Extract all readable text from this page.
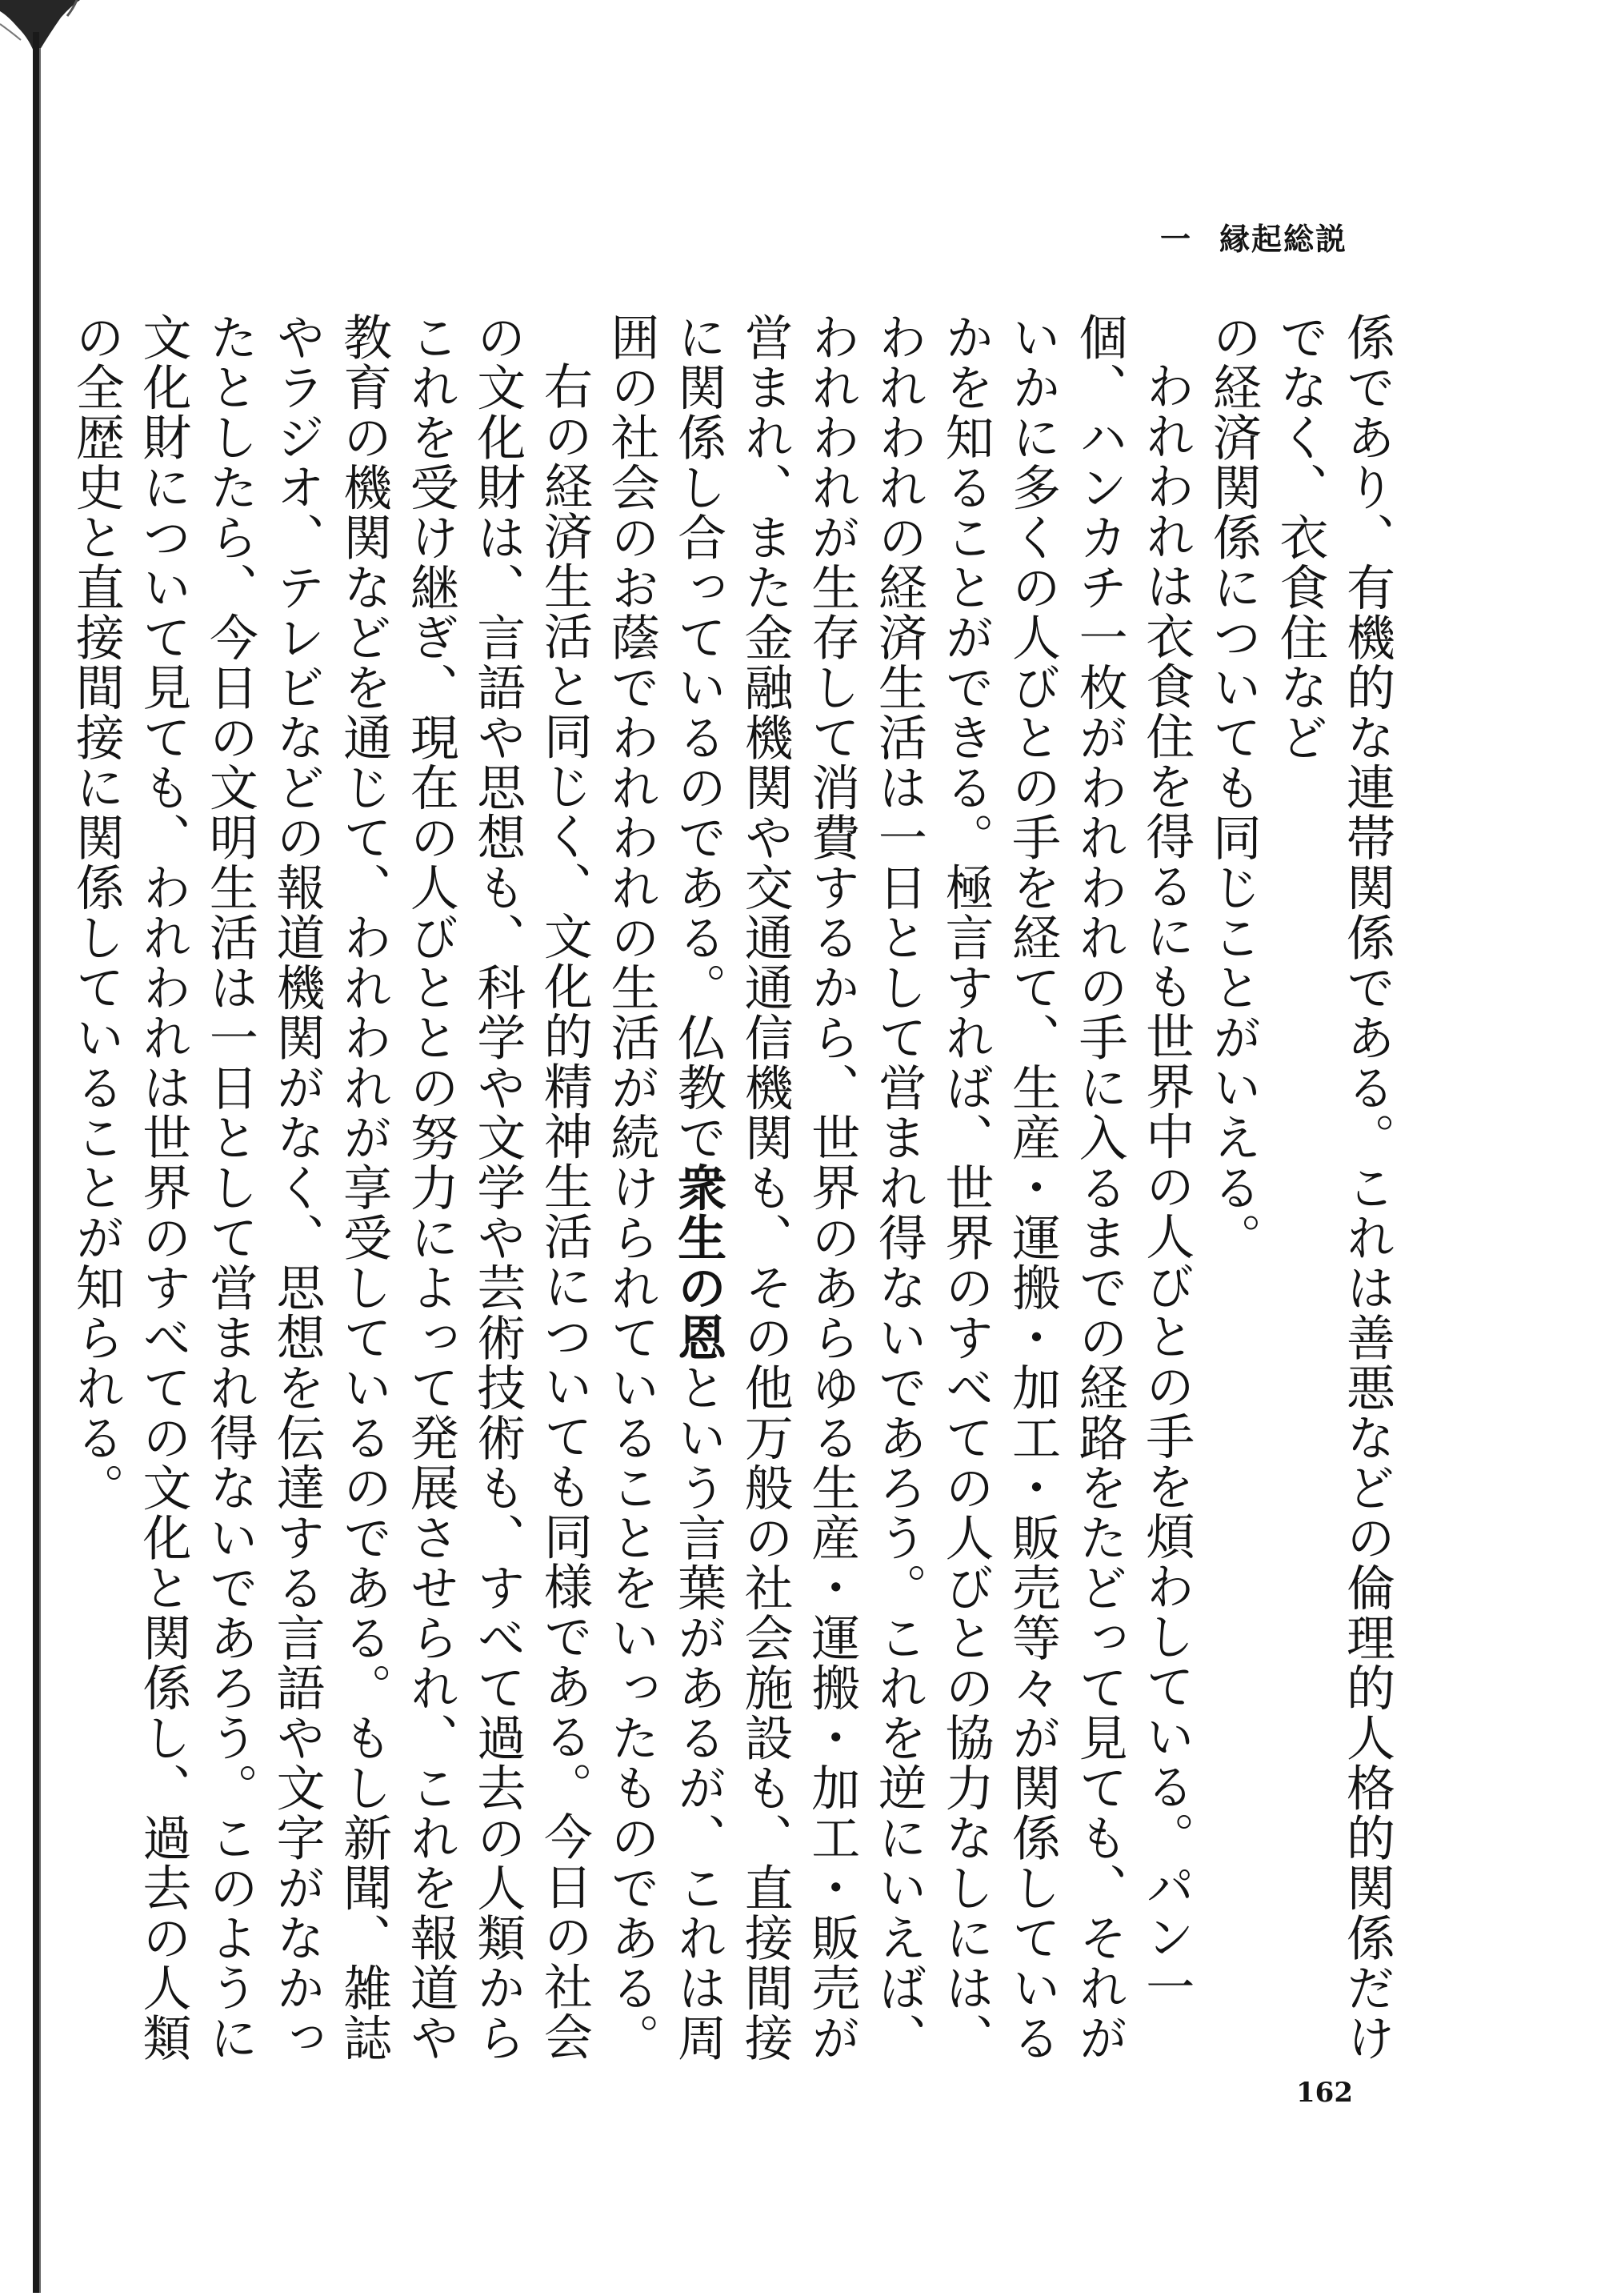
一 縁起総説

係であり、有機的な連帯関係である。これは善悪などの倫理的人格的関係だけでなく、衣食住など

の経済関係についても同じことがいえる。

われわれは衣食住を得るにも世界中の人びとの手を煩わしている。パン一個、ハンカチ一枚がわれわれの手に入るまでの経路をたどって見ても、それがいかに多くの人びとの手を経て、生産・運搬・加工・販売等々が関係しているかを知ることができる。極言すれば、世界のすべての人びとの協力なしには、われわれの経済生活は一日として営まれ得ないであろう。これを逆にいえば、われわれが生存して消費するから、世界のあらゆる生産・運搬・加工・販売が営まれ、また金融機関や交通通信機関も、その他万般の社会施設も、直接間接に関係し合っているのである。仏教で衆生の恩という言葉があるが、これは周囲の社会のお蔭でわれわれの生活が続けられていることをいったものである。

右の経済生活と同じく、文化的精神生活についても同様である。今日の社会の文化財は、言語や思想も、科学や文学や芸術技術も、すべて過去の人類からこれを受け継ぎ、現在の人びととの努力によって発展させられ、これを報道や教育の機関などを通じて、われわれが享受しているのである。もし新聞、雑誌やラジオ、テレビなどの報道機関がなく、思想を伝達する言語や文字がなかったとしたら、今日の文明生活は一日として営まれ得ないであろう。このように文化財について見ても、われわれは世界のすべての文化と関係し、過去の人類の全歴史と直接間接に関係していることが知られる。

162
